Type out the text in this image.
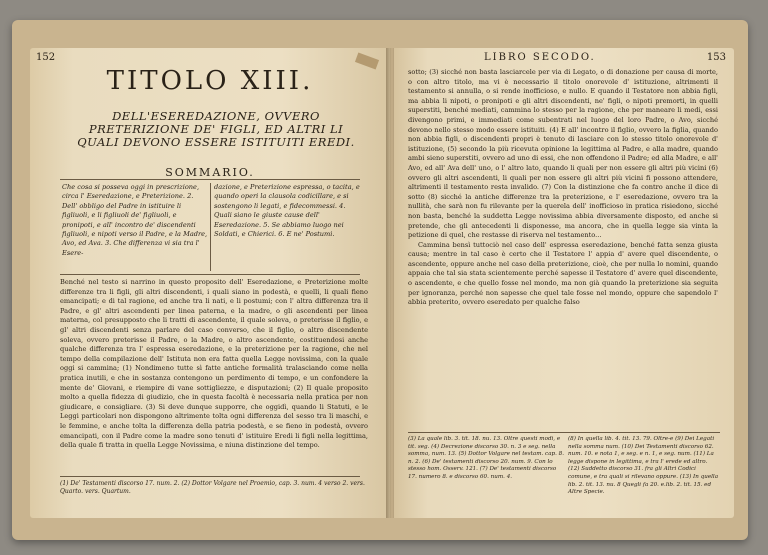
152
TITOLO XIII.
DELL'ESEREDAZIONE, OVVERO PRETERIZIONE DE' FIGLI, ED ALTRI LI QUALI DEVONO ESSERE ISTITUITI EREDI.
SOMMARIO.
Che cosa si posseva oggi in prescrizione, circa l' Eseredazione, e Preterizione. 2. Dell' obbligo del Padre in istituire li figliuoli, e li figliuoli de' figliuoli, e pronipoti, e all' incontro de' discendenti figliuoli, e nipoti verso il Padre, e la Madre, Avo, ed Ava. 3. Che differenza vi sia tra l' Esere-
dazione, e Preterizione espressa, o tacita, e quando operi la clausola codicillare, e si sostengono li legati, e fidecommessi. 4. Quali siano le giuste cause dell' Eseredazione. 5. Se abbiamo luogo nei Soldati, e Chierici. 6. E ne' Postumi.

Benché nel testo si narrino in questo proposito dell' Eseredazione, e Preterizione molte differenze tra li figli, gli altri discendenti, i quali siano in podestà, e quelli, li quali fieno emancipati; e di tal ragione, ed anche tra li nati, e li postumi; con l' altra differenza tra il Padre, e gl' altri ascendenti per linea paterna, e la madre, o gli ascendenti per linea materna, col presupposto che li tratti di ascendente, il quale soleva, o preterisse il figlio, e gl' altri discendenti senza parlare del caso converso, che il figlio, o altro discendente soleva, ovvero preterisse il Padre, o la Madre, o altro ascendente, costituendosi anche qualche differenza tra l' espressa eseredazione, e la preterizione per la ragione, che nel tempo della compilazione dell' Istituta non era fatta quella Legge novissima, con la quale oggi si cammina; (1) Nondimeno tutte sì fatte antiche formalità tralasciando come nella pratica inutili, e che in sostanza contengono un perdimento di tempo, e un confondere la mente de' Giovani, e riempire di vane sottigliezze, e disputazioni; (2) Il quale proposito molto a quella fidezza di giudizio, che in questa facoltà è necessaria nella pratica per non giudicare, e consigliare. (3) Si deve dunque supporre, che oggidì, quando li Statuti, e le Leggi particolari non dispongono altrimente tolta ogni differenza del sesso tra li maschi, e le femmine, e anche tolta la differenza della patria podestà, e se fieno in podestà, ovvero emancipati, con il Padre come la madre sono tenuti d' istituire Eredi li figli nella legittima, della quale fi tratta in quella Legge Novissima, e niuna distinzione del tempo.

(1) De' Testamenti discorso 17. num. 2. (2) Dottor Volgare nel Proemio, cap. 3. num. 4 verso 2. vers. Quarto. vers. Quartum.
LIBRO SECODO.	153

sotto; (3) sicché non basta lasciarcele per via di Legato, o di donazione per causa di morte, o con altro titolo, ma vi è necessario il titolo onorevole d' istituzione, altrimenti il testamento si annulla, o si rende inofficioso, e nullo. E quando il Testatore non abbia figli, ma abbia li nipoti, o pronipoti e gli altri discendenti, ne' figli, o nipoti premorti, in quelli superstiti, benché mediati, cammina lo stesso per la ragione, che per maneare li medi, essi divengono primi, e immediati come subentrati nel luogo del loro Padre, o Avo, sicché devono nello stesso modo essere istituiti. (4) E all' incontro il figlio, ovvero la figlia, quando non abbia figli, o discendenti propri è tenuto di lasciare con lo stesso titolo onorevole d' istituzione, (5) secondo la più ricevuta opinione la legittima al Padre, e alla madre, quando ambi sieno superstiti, ovvero ad uno di essi, che non offendono il Padre; ed alla Madre, e all' Avo, ed all' Ava dell' uno, o l' altro lato, quando li quali per non essere gli altri più vicini (6) ovvero gli altri ascendenti, li quali per non essere gli altri più vicini fi possono attendere, altrimenti il testamento resta invalido. (7) Con la distinzione che fa contro anche il dice di sotto (8) sicché la antiche differenze tra la preterizione, e l' eseredazione, ovvero tra la nullità, che sarà non fu rilevante per la querela dell' inofficioso in pratica risiedono, sicché non basta, benché la suddetta Legge novissima abbia diversamente disposto, ed anche si pretende, che gli antecedenti li disponesse, ma ancora, che in quella legge sia vinta la petizione di quel, che restasse di riserva nel testamento...

Cammina bensì tuttociò nel caso dell' espressa eseredazione, benché fatta senza giusta causa; mentre in tal caso è certo che il Testatore l' appia d' avere quel discendente, o ascendente, oppure anche nel caso della preterizione, cioè, che per nulla lo nomini, quando appaia che tal sia stata scientemente perché sapesse il Testatore d' avere quel discendente, o ascendente, e che quello fosse nel mondo, ma non già quando la preterizione sia seguita per ignoranza, perché non sapesse che quel tale fosse nel mondo, oppure che sapendolo l' abbia preterito, ovvero eseredato per qualche falso

(3) La quale lib. 3. tit. 18. nu. 13. Oltre questi modi, e tit. seg. (4) Decrezione discorso 30. n. 3 e seg. nella somma, num. 13. (5) Dottor Volgare nel testam. cap. 8. n. 2. (6) De' testamenti discorso 20. num. 9. Con lo stesso hom. Osserv. 121. (7) De' testamenti discorso 17. numero 8. e discorso 60. num. 4.
(8) In quella lib. 4. tit. 13. 79. Oltre-e (9) Dei Legati nella somma num. (10) Dei Testamenti discorso 62. num. 10. e nota 1, e seg. e n. 1, e seg. num. (11) La legge dispone in legittima, e tra l' erede ed altro. (12) Suddetto discorso 31. fra gli Altri Codici comune, e tra quali si rilevano oppure. (13) In quella lib. 2. tit. 13. nu. 8 Quegli fa 20. e.lib. 2. tit. 15. ed Altre Specie.
